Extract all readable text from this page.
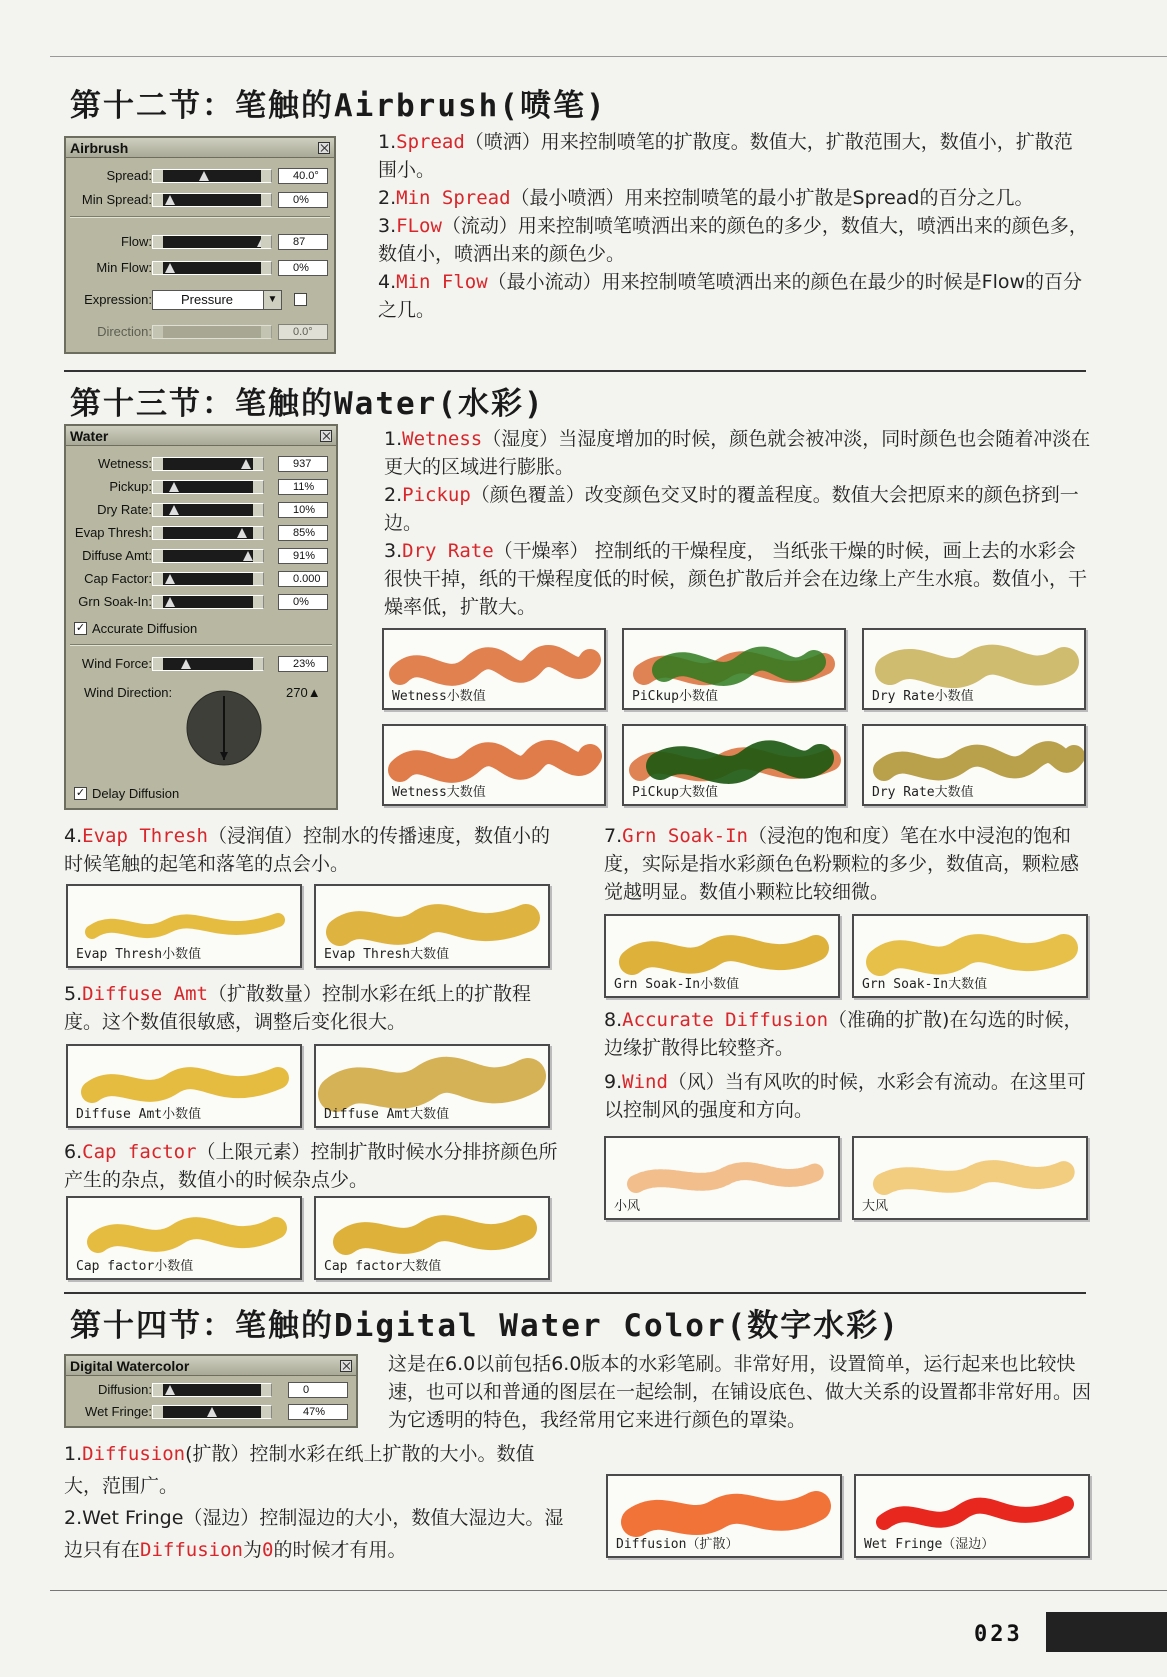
第十二节：笔触的Airbrush(喷笔)
Airbrush
Spread:	40.0°
Min Spread:	0%
Flow:	87
Min Flow:	0%
Expression:	Pressure	▼
Direction:	0.0°

1.Spread（喷洒）用来控制喷笔的扩散度。数值大，扩散范围大，数值小，扩散范围小。

2.Min Spread（最小喷洒）用来控制喷笔的最小扩散是Spread的百分之几。

3.FLow（流动）用来控制喷笔喷洒出来的颜色的多少，数值大，喷洒出来的颜色多，数值小，喷洒出来的颜色少。

4.Min Flow（最小流动）用来控制喷笔喷洒出来的颜色在最少的时候是Flow的百分之几。

第十三节：笔触的Water(水彩)
Water
Wetness:	937
Pickup:	11%
Dry Rate:	10%
Evap Thresh:	85%
Diffuse Amt:	91%
Cap Factor:	0.000
Grn Soak-In:	0%
✓ Accurate Diffusion
Wind Force:	23%
Wind Direction:	270▲
✓ Delay Diffusion

1.Wetness（湿度）当湿度增加的时候，颜色就会被冲淡，同时颜色也会随着冲淡在更大的区域进行膨胀。

2.Pickup（颜色覆盖）改变颜色交叉时的覆盖程度。数值大会把原来的颜色挤到一边。

3.Dry Rate（干燥率） 控制纸的干燥程度， 当纸张干燥的时候，画上去的水彩会很快干掉，纸的干燥程度低的时候，颜色扩散后并会在边缘上产生水痕。数值小，干燥率低，扩散大。

Wetness小数值	PiCkup小数值	Dry Rate小数值
Wetness大数值	PiCkup大数值	Dry Rate大数值

4.Evap Thresh（浸润值）控制水的传播速度，数值小的时候笔触的起笔和落笔的点会小。

Evap Thresh小数值	Evap Thresh大数值

5.Diffuse Amt（扩散数量）控制水彩在纸上的扩散程度。这个数值很敏感，调整后变化很大。

Diffuse Amt小数值	Diffuse Amt大数值

6.Cap factor（上限元素）控制扩散时候水分排挤颜色所产生的杂点，数值小的时候杂点少。

Cap factor小数值	Cap factor大数值

7.Grn Soak-In（浸泡的饱和度）笔在水中浸泡的饱和度，实际是指水彩颜色色粉颗粒的多少，数值高，颗粒感觉越明显。数值小颗粒比较细微。

Grn Soak-In小数值	Grn Soak-In大数值

8.Accurate Diffusion（准确的扩散)在勾选的时候，边缘扩散得比较整齐。

9.Wind（风）当有风吹的时候，水彩会有流动。在这里可以控制风的强度和方向。

小风	大风
第十四节：笔触的Digital Water Color(数字水彩)
Digital Watercolor
Diffusion:	0
Wet Fringe:	47%
这是在6.0以前包括6.0版本的水彩笔刷。非常好用，设置简单，运行起来也比较快速，也可以和普通的图层在一起绘制，在铺设底色、做大关系的设置都非常好用。因为它透明的特色，我经常用它来进行颜色的罩染。

1.Diffusion(扩散）控制水彩在纸上扩散的大小。数值大，范围广。

2.Wet Fringe（湿边）控制湿边的大小，数值大湿边大。湿边只有在Diffusion为0的时候才有用。	Diffusion（扩散）	Wet Fringe（湿边）
023
